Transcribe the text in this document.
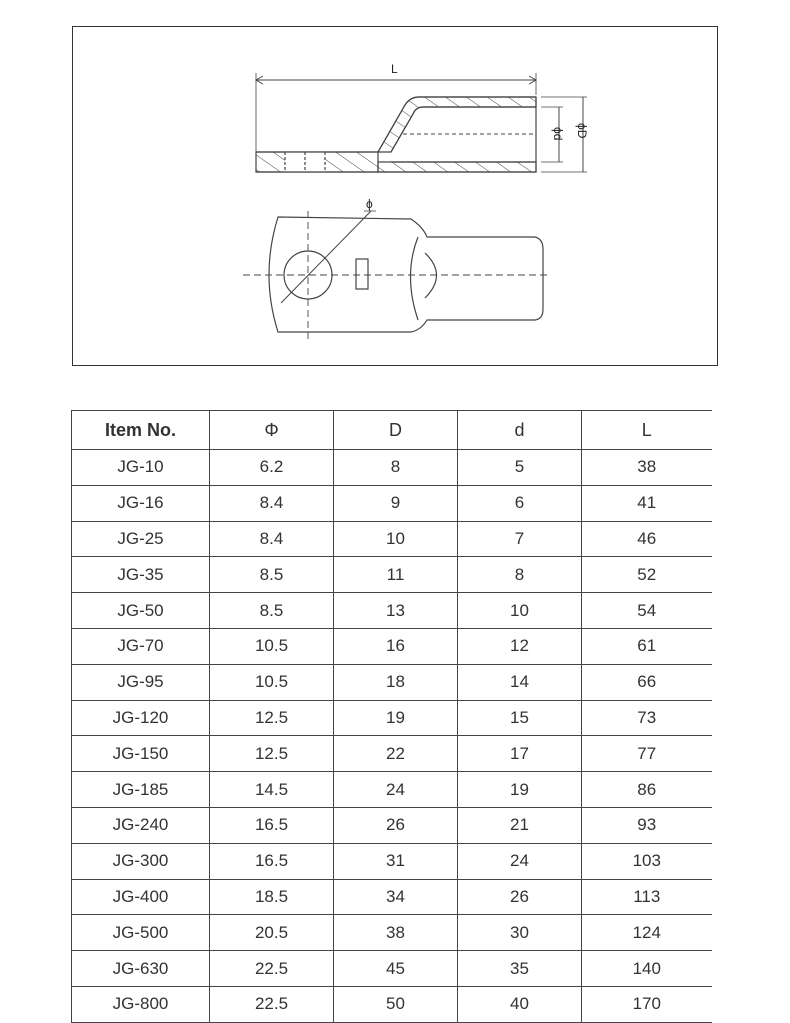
L
ϕd ϕD
ϕ
Item No.	Φ	D	d	L
JG-10	6.2	8	5	38
JG-16	8.4	9	6	41
JG-25	8.4	10	7	46
JG-35	8.5	11	8	52
JG-50	8.5	13	10	54
JG-70	10.5	16	12	61
JG-95	10.5	18	14	66
JG-120	12.5	19	15	73
JG-150	12.5	22	17	77
JG-185	14.5	24	19	86
JG-240	16.5	26	21	93
JG-300	16.5	31	24	103
JG-400	18.5	34	26	113
JG-500	20.5	38	30	124
JG-630	22.5	45	35	140
JG-800	22.5	50	40	170
